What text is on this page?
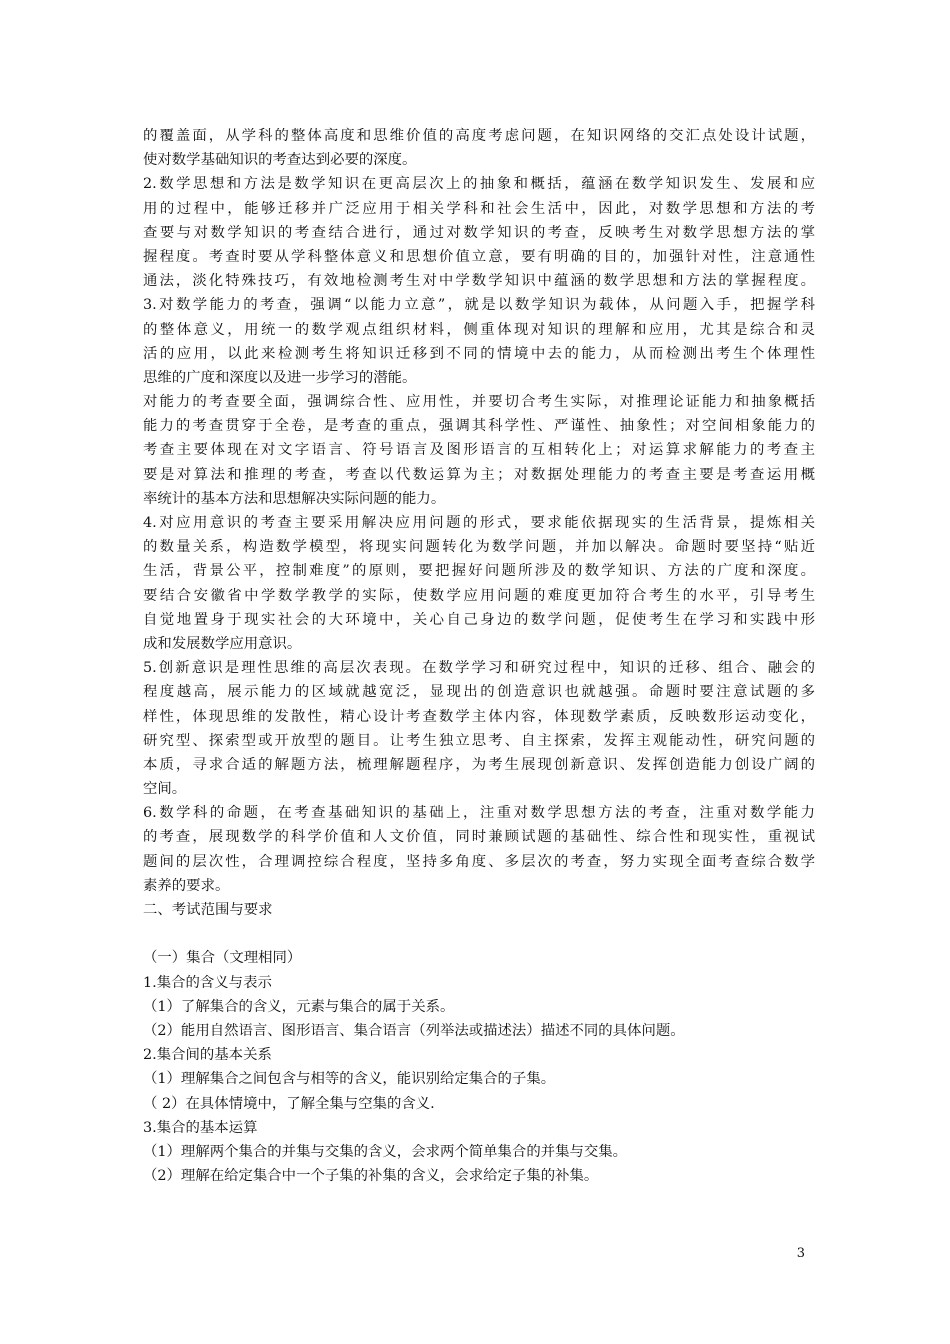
的覆盖面，从学科的整体高度和思维价值的高度考虑问题，在知识网络的交汇点处设计试题，
使对数学基础知识的考查达到必要的深度。
2.数学思想和方法是数学知识在更高层次上的抽象和概括，蕴涵在数学知识发生、发展和应
用的过程中，能够迁移并广泛应用于相关学科和社会生活中，因此，对数学思想和方法的考
查要与对数学知识的考查结合进行，通过对数学知识的考查，反映考生对数学思想方法的掌
握程度。考查时要从学科整体意义和思想价值立意，要有明确的目的，加强针对性，注意通性
通法，淡化特殊技巧，有效地检测考生对中学数学知识中蕴涵的数学思想和方法的掌握程度。
3.对数学能力的考查，强调“以能力立意”，就是以数学知识为载体，从问题入手，把握学科
的整体意义，用统一的数学观点组织材料，侧重体现对知识的理解和应用，尤其是综合和灵
活的应用，以此来检测考生将知识迁移到不同的情境中去的能力，从而检测出考生个体理性
思维的广度和深度以及进一步学习的潜能。
对能力的考查要全面，强调综合性、应用性，并要切合考生实际，对推理论证能力和抽象概括
能力的考查贯穿于全卷，是考查的重点，强调其科学性、严谨性、抽象性；对空间相象能力的
考查主要体现在对文字语言、符号语言及图形语言的互相转化上；对运算求解能力的考查主
要是对算法和推理的考查，考查以代数运算为主；对数据处理能力的考查主要是考查运用概
率统计的基本方法和思想解决实际问题的能力。
4.对应用意识的考查主要采用解决应用问题的形式，要求能依据现实的生活背景，提炼相关
的数量关系，构造数学模型，将现实问题转化为数学问题，并加以解决。命题时要坚持“贴近
生活，背景公平，控制难度”的原则，要把握好问题所涉及的数学知识、方法的广度和深度。
要结合安徽省中学数学教学的实际，使数学应用问题的难度更加符合考生的水平，引导考生
自觉地置身于现实社会的大环境中，关心自己身边的数学问题，促使考生在学习和实践中形
成和发展数学应用意识。
5.创新意识是理性思维的高层次表现。在数学学习和研究过程中，知识的迁移、组合、融会的
程度越高，展示能力的区域就越宽泛，显现出的创造意识也就越强。命题时要注意试题的多
样性，体现思维的发散性，精心设计考查数学主体内容，体现数学素质，反映数形运动变化，
研究型、探索型或开放型的题目。让考生独立思考、自主探索，发挥主观能动性，研究问题的
本质，寻求合适的解题方法，梳理解题程序，为考生展现创新意识、发挥创造能力创设广阔的
空间。
6.数学科的命题，在考查基础知识的基础上，注重对数学思想方法的考查，注重对数学能力
的考查，展现数学的科学价值和人文价值，同时兼顾试题的基础性、综合性和现实性，重视试
题间的层次性，合理调控综合程度，坚持多角度、多层次的考查，努力实现全面考查综合数学
素养的要求。
二、考试范围与要求
（一）集合（文理相同）
1.集合的含义与表示
（1）了解集合的含义，元素与集合的属于关系。
（2）能用自然语言、图形语言、集合语言（列举法或描述法）描述不同的具体问题。
2.集合间的基本关系
（1）理解集合之间包含与相等的含义，能识别给定集合的子集。
（ 2）在具体情境中，了解全集与空集的含义.
3.集合的基本运算
（1）理解两个集合的并集与交集的含义，会求两个简单集合的并集与交集。
（2）理解在给定集合中一个子集的补集的含义，会求给定子集的补集。
3
